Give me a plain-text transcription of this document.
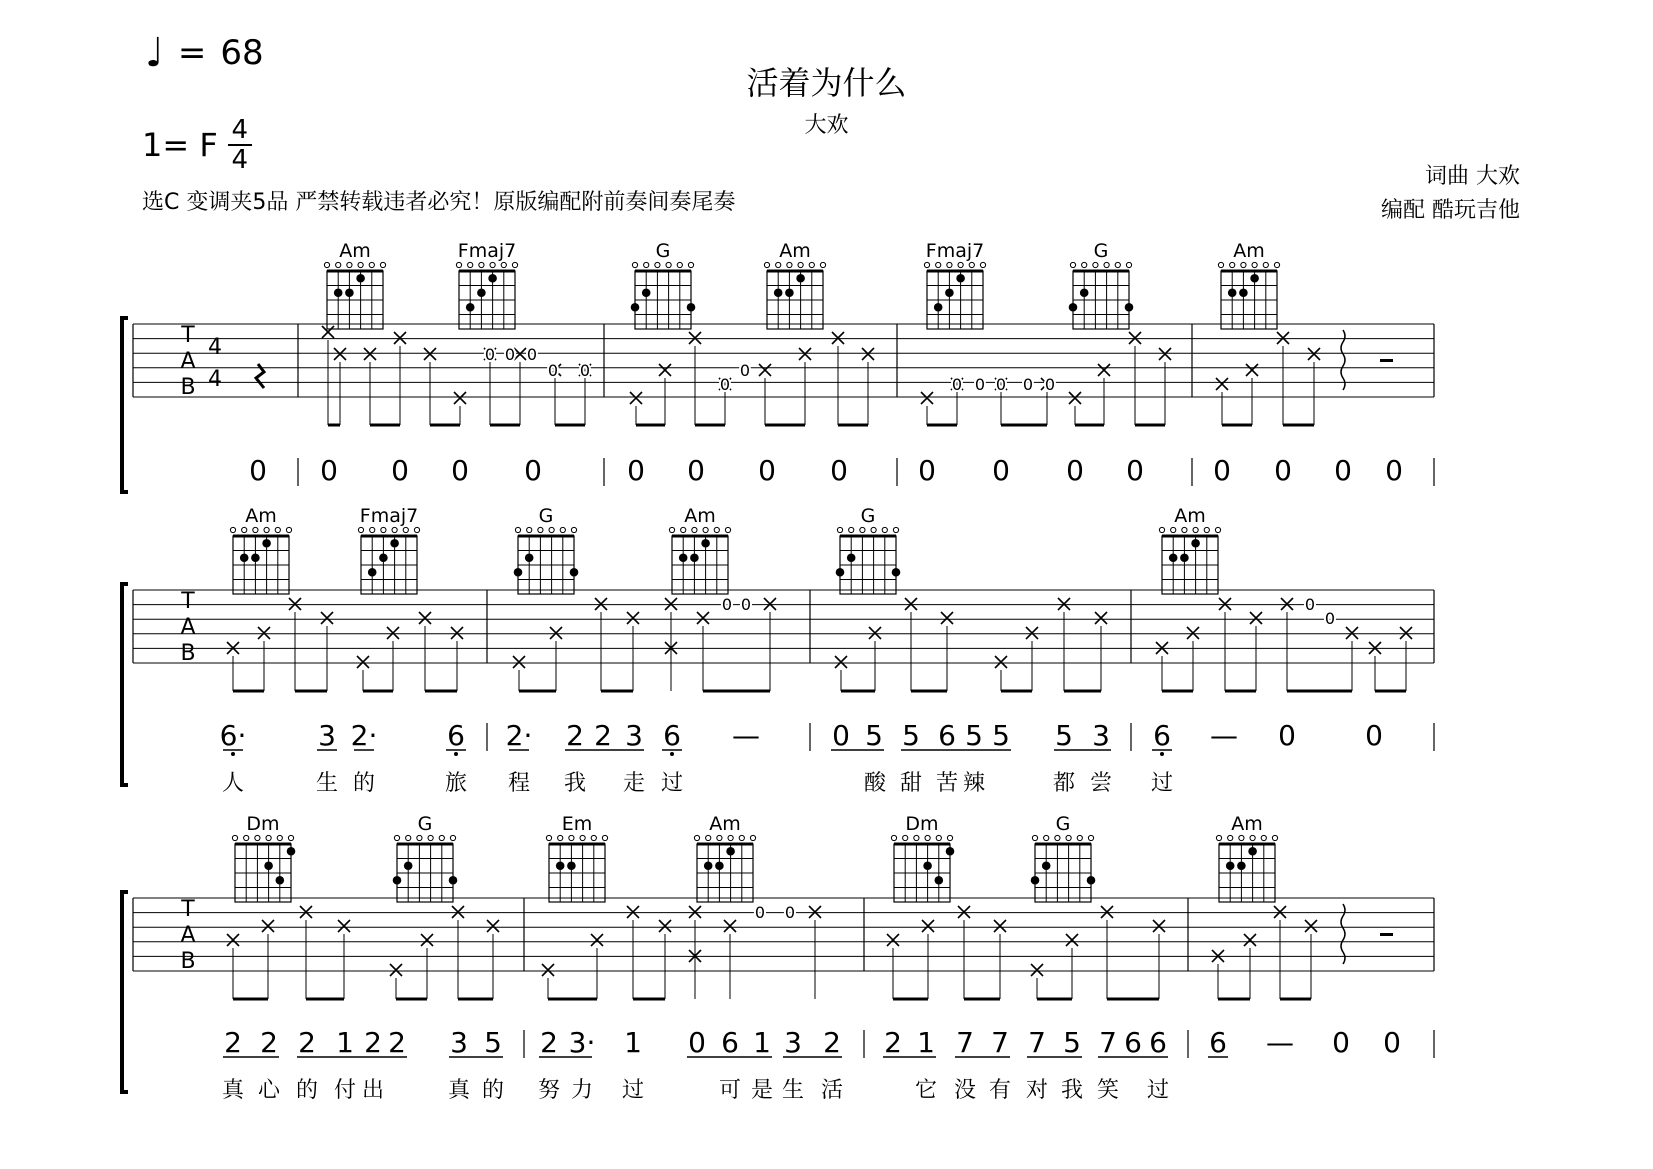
活着为什么
大欢
♩ = 68
1= F 4
4
选C 变调夹5品 严禁转载违者必究！原版编配附前奏间奏尾奏
词曲 大欢
编配 酷玩吉他
T
A
B
4
4
Am	Fmaj7	G	Am	Fmaj7	G	Am
0 0 0
0 0
0
0
0 0 0 0 0
0 0 0 0 0	0 0 0 0	0 0 0 0 0 0 0 0
T
A
B
Am	Fmaj7	G	Am	G	Am
0 0	0
0
6·	3 2· 6 2· 2 2 3 6 —	0 5 5 6 5 5 5 3 6 — 0 0
人	生 的	旅 程 我 走 过	酸 甜 苦 辣	都 尝 过
T
A
B
Dm	G	Em	Am	Dm	G	Am
0 0
2 2 2 1 2 2 3 5 2 3· 1 0 6 1 3 2 2 1 7 7 7 5 7 6 6 6 — 0 0
真 心 的 付 出	真 的 努 力 过	可 是 生 活	它 没 有 对 我 笑 过
